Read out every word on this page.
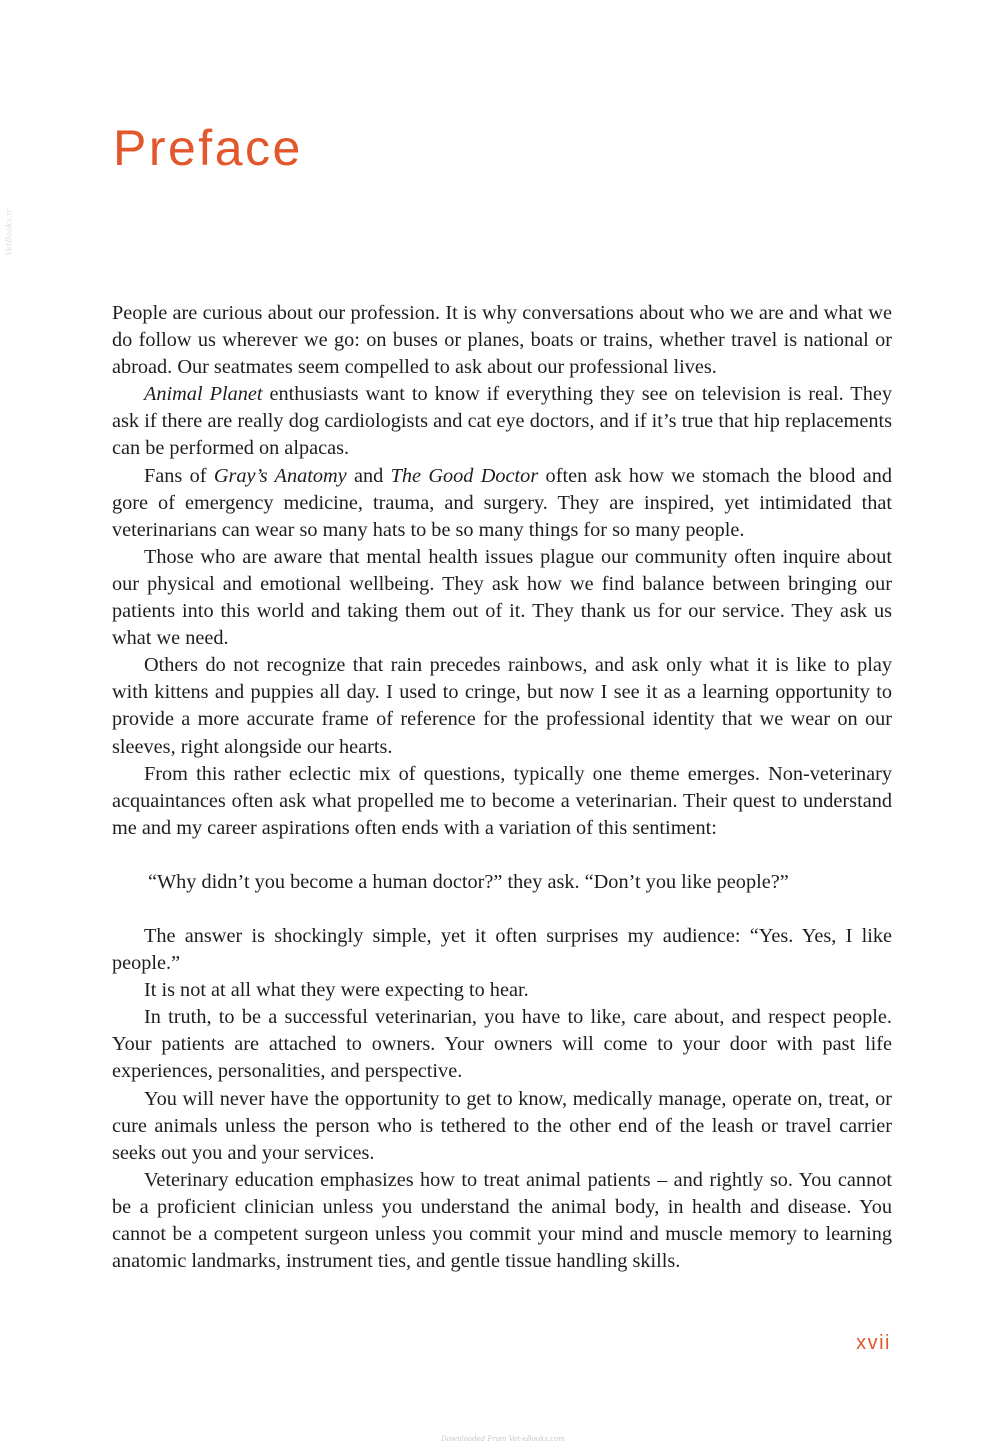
VetBooks.ir
Preface

People are curious about our profession. It is why conversations about who we are and what we do follow us wherever we go: on buses or planes, boats or trains, whether travel is national or abroad. Our seatmates seem compelled to ask about our professional lives.

Animal Planet enthusiasts want to know if everything they see on television is real. They ask if there are really dog cardiologists and cat eye doctors, and if it’s true that hip replacements can be performed on alpacas.

Fans of Gray’s Anatomy and The Good Doctor often ask how we stomach the blood and gore of emergency medicine, trauma, and surgery. They are inspired, yet intimidated that veterinarians can wear so many hats to be so many things for so many people.

Those who are aware that mental health issues plague our community often inquire about our physical and emotional wellbeing. They ask how we find balance between bringing our patients into this world and taking them out of it. They thank us for our service. They ask us what we need.

Others do not recognize that rain precedes rainbows, and ask only what it is like to play with kittens and puppies all day. I used to cringe, but now I see it as a learning opportunity to provide a more accurate frame of reference for the professional identity that we wear on our sleeves, right alongside our hearts.

From this rather eclectic mix of questions, typically one theme emerges. Non-veterinary acquaintances often ask what propelled me to become a veterinarian. Their quest to understand me and my career aspirations often ends with a variation of this sentiment:

“Why didn’t you become a human doctor?” they ask. “Don’t you like people?”

The answer is shockingly simple, yet it often surprises my audience: “Yes. Yes, I like people.”

It is not at all what they were expecting to hear.

In truth, to be a successful veterinarian, you have to like, care about, and respect people. Your patients are attached to owners. Your owners will come to your door with past life experiences, personalities, and perspective.

You will never have the opportunity to get to know, medically manage, operate on, treat, or cure animals unless the person who is tethered to the other end of the leash or travel carrier seeks out you and your services.

Veterinary education emphasizes how to treat animal patients – and rightly so. You cannot be a proficient clinician unless you understand the animal body, in health and disease. You cannot be a competent surgeon unless you commit your mind and muscle memory to learning anatomic landmarks, instrument ties, and gentle tissue handling skills.

xvii
Downloaded From Vet-eBooks.com
